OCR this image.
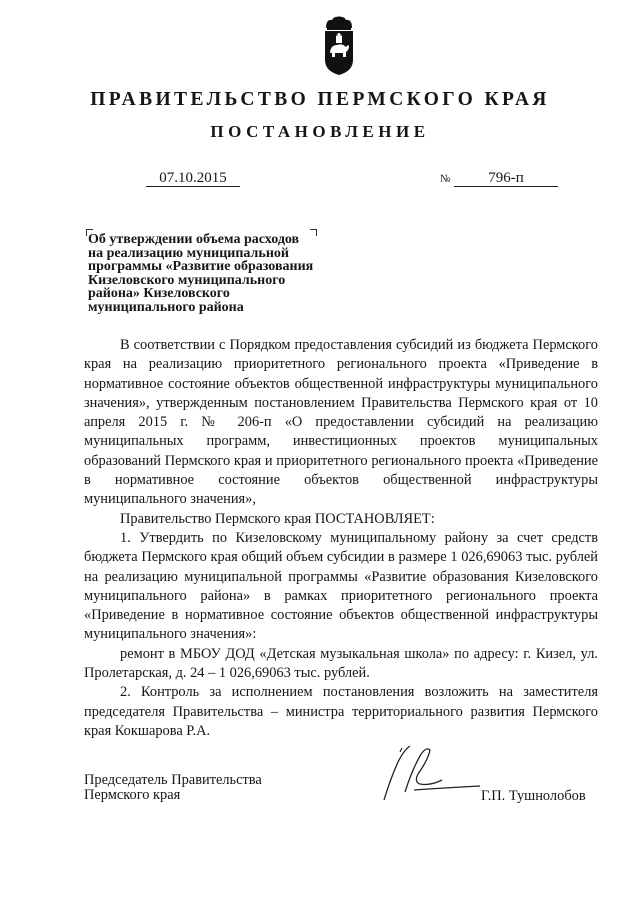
ПРАВИТЕЛЬСТВО ПЕРМСКОГО КРАЯ
ПОСТАНОВЛЕНИЕ
07.10.2015	№	796-п
Об утверждении объема расходов
на реализацию муниципальной
программы «Развитие образования
Кизеловского муниципального
района» Кизеловского
муниципального района

В соответствии с Порядком предоставления субсидий из бюджета Пермского края на реализацию приоритетного регионального проекта «Приведение в нормативное состояние объектов общественной инфраструктуры муниципального значения», утвержденным постановлением Правительства Пермского края от 10 апреля 2015 г. № 206-п «О предоставлении субсидий на реализацию муниципальных программ, инвестиционных проектов муниципальных образований Пермского края и приоритетного регионального проекта «Приведение в нормативное состояние объектов общественной инфраструктуры муниципального значения»,

Правительство Пермского края ПОСТАНОВЛЯЕТ:

1. Утвердить по Кизеловскому муниципальному району за счет средств бюджета Пермского края общий объем субсидии в размере 1 026,69063 тыс. рублей на реализацию муниципальной программы «Развитие образования Кизеловского муниципального района» в рамках приоритетного регионального проекта «Приведение в нормативное состояние объектов общественной инфраструктуры муниципального значения»:

ремонт в МБОУ ДОД «Детская музыкальная школа» по адресу: г. Кизел, ул. Пролетарская, д. 24 – 1 026,69063 тыс. рублей.

2. Контроль за исполнением постановления возложить на заместителя председателя Правительства – министра территориального развития Пермского края Кокшарова Р.А.

Председатель Правительства
Пермского края	Г.П. Тушнолобов
